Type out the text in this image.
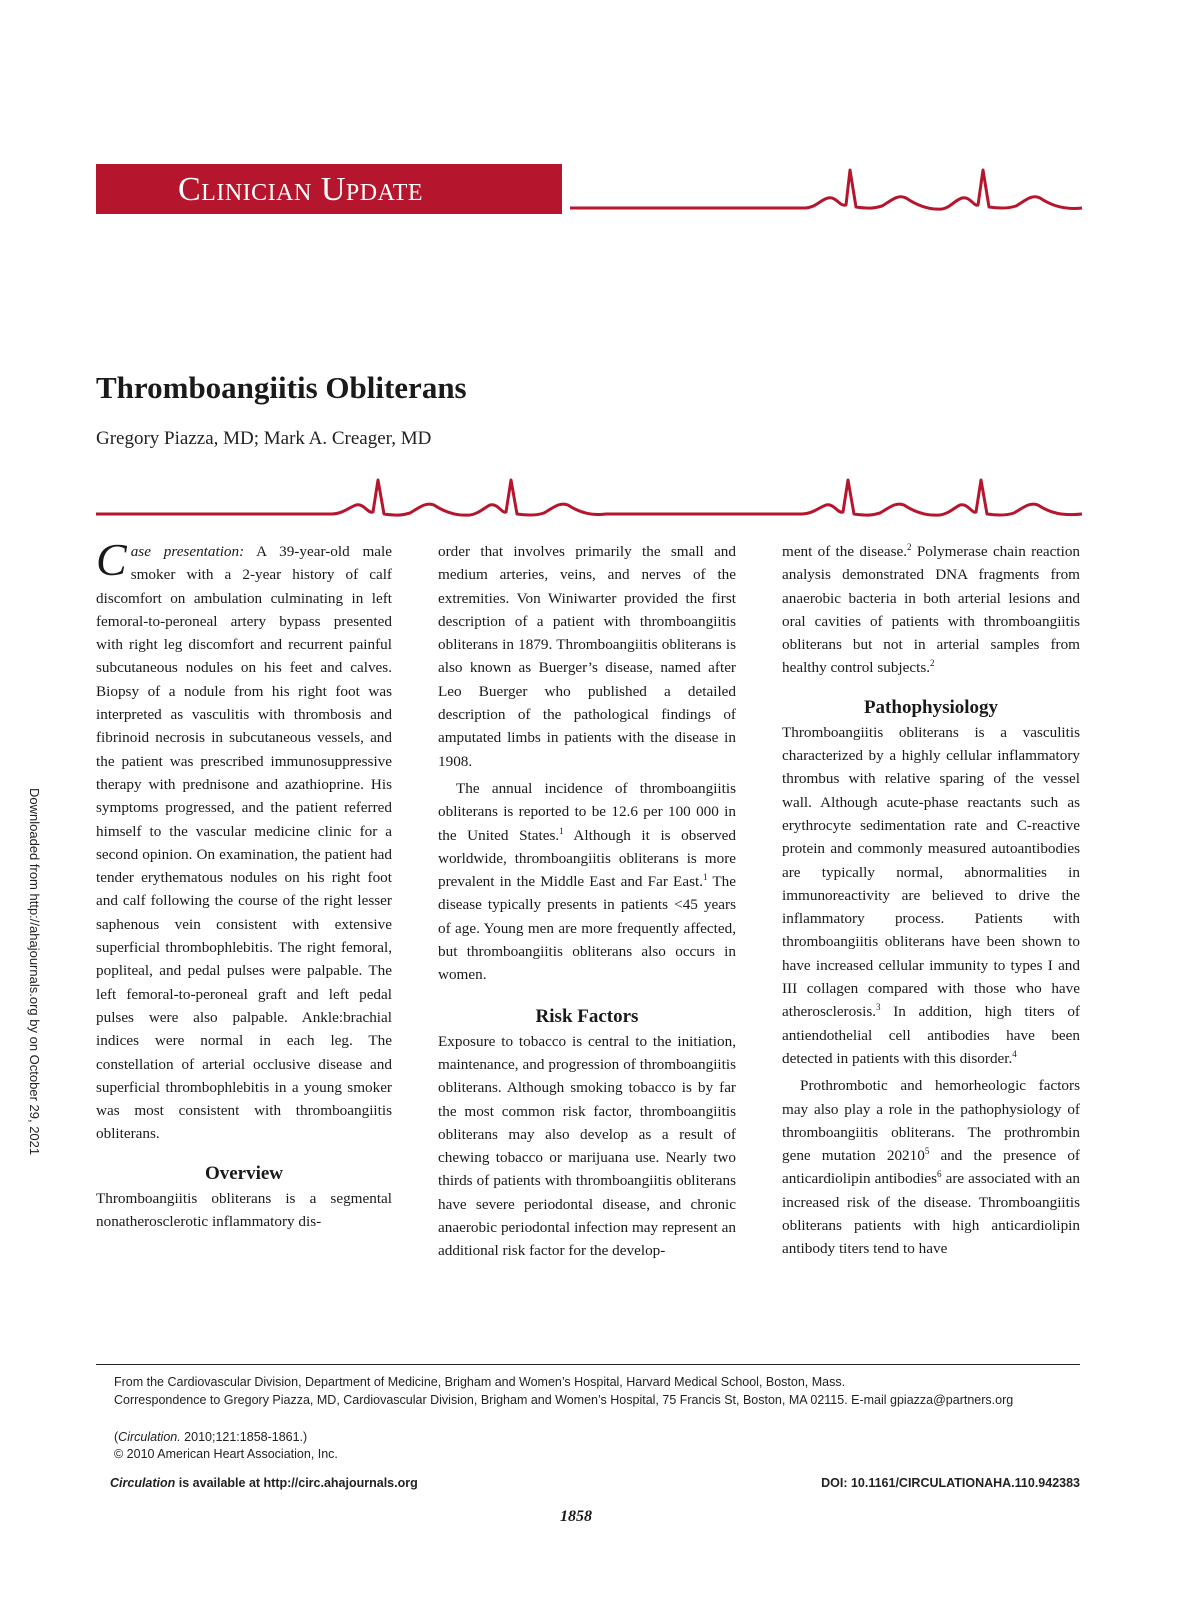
Clinician Update
Thromboangiitis Obliterans
Gregory Piazza, MD; Mark A. Creager, MD
Downloaded from http://ahajournals.org by on October 29, 2021

Case presentation: A 39-year-old male smoker with a 2-year history of calf discomfort on ambulation culminating in left femoral-to-peroneal artery bypass presented with right leg discomfort and recurrent painful subcutaneous nodules on his feet and calves. Biopsy of a nodule from his right foot was interpreted as vasculitis with thrombosis and fibrinoid necrosis in subcutaneous vessels, and the patient was prescribed immunosuppressive therapy with prednisone and azathioprine. His symptoms progressed, and the patient referred himself to the vascular medicine clinic for a second opinion. On examination, the patient had tender erythematous nodules on his right foot and calf following the course of the right lesser saphenous vein consistent with extensive superficial thrombophlebitis. The right femoral, popliteal, and pedal pulses were palpable. The left femoral-to-peroneal graft and left pedal pulses were also palpable. Ankle:brachial indices were normal in each leg. The constellation of arterial occlusive disease and superficial thrombophlebitis in a young smoker was most consistent with thromboangiitis obliterans.

Overview

Thromboangiitis obliterans is a segmental nonatherosclerotic inflammatory dis-

order that involves primarily the small and medium arteries, veins, and nerves of the extremities. Von Winiwarter provided the first description of a patient with thromboangiitis obliterans in 1879. Thromboangiitis obliterans is also known as Buerger’s disease, named after Leo Buerger who published a detailed description of the pathological findings of amputated limbs in patients with the disease in 1908.

The annual incidence of thromboangiitis obliterans is reported to be 12.6 per 100 000 in the United States.$^1$ Although it is observed worldwide, thromboangiitis obliterans is more prevalent in the Middle East and Far East.$^1$ The disease typically presents in patients <45 years of age. Young men are more frequently affected, but thromboangiitis obliterans also occurs in women.

Risk Factors

Exposure to tobacco is central to the initiation, maintenance, and progression of thromboangiitis obliterans. Although smoking tobacco is by far the most common risk factor, thromboangiitis obliterans may also develop as a result of chewing tobacco or marijuana use. Nearly two thirds of patients with thromboangiitis obliterans have severe periodontal disease, and chronic anaerobic periodontal infection may represent an additional risk factor for the develop-

ment of the disease.$^2$ Polymerase chain reaction analysis demonstrated DNA fragments from anaerobic bacteria in both arterial lesions and oral cavities of patients with thromboangiitis obliterans but not in arterial samples from healthy control subjects.$^2$

Pathophysiology

Thromboangiitis obliterans is a vasculitis characterized by a highly cellular inflammatory thrombus with relative sparing of the vessel wall. Although acute-phase reactants such as erythrocyte sedimentation rate and C-reactive protein and commonly measured autoantibodies are typically normal, abnormalities in immunoreactivity are believed to drive the inflammatory process. Patients with thromboangiitis obliterans have been shown to have increased cellular immunity to types I and III collagen compared with those who have atherosclerosis.$^3$ In addition, high titers of antiendothelial cell antibodies have been detected in patients with this disorder.$^4$

Prothrombotic and hemorheologic factors may also play a role in the pathophysiology of thromboangiitis obliterans. The prothrombin gene mutation 20210$^5$ and the presence of anticardiolipin antibodies$^6$ are associated with an increased risk of the disease. Thromboangiitis obliterans patients with high anticardiolipin antibody titers tend to have

From the Cardiovascular Division, Department of Medicine, Brigham and Women’s Hospital, Harvard Medical School, Boston, Mass.
Correspondence to Gregory Piazza, MD, Cardiovascular Division, Brigham and Women’s Hospital, 75 Francis St, Boston, MA 02115. E-mail gpiazza@partners.org
(Circulation. 2010;121:1858-1861.)
© 2010 American Heart Association, Inc.
Circulation is available at http://circ.ahajournals.org	DOI: 10.1161/CIRCULATIONAHA.110.942383
1858
